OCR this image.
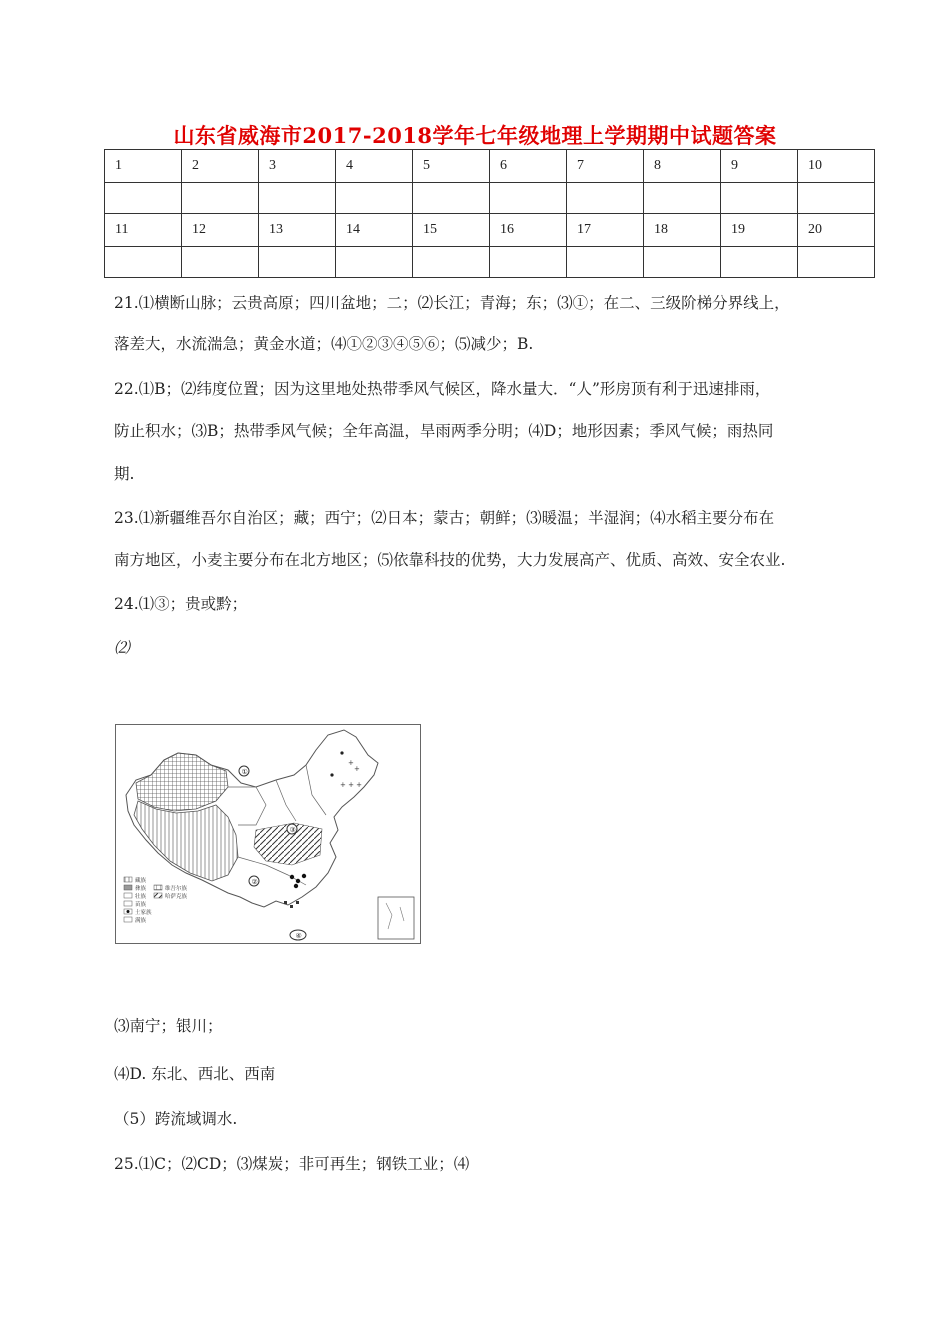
山东省威海市2017-2018学年七年级地理上学期期中试题答案
1	2	3	4	5	6	7	8	9	10

11	12	13	14	15	16	17	18	19	20

21.⑴横断山脉；云贵高原；四川盆地；二；⑵长江；青海；东；⑶①；在二、三级阶梯分界线上，
落差大，水流湍急；黄金水道；⑷①②③④⑤⑥；⑸减少；B.
22.⑴B；⑵纬度位置；因为这里地处热带季风气候区，降水量大．“人”形房顶有利于迅速排雨，
防止积水；⑶B；热带季风气候；全年高温，旱雨两季分明；⑷D；地形因素；季风气候；雨热同
期.
23.⑴新疆维吾尔自治区；藏；西宁；⑵日本；蒙古；朝鲜；⑶暖温；半湿润；⑷水稻主要分布在
南方地区，小麦主要分布在北方地区；⑸依靠科技的优势，大力发展高产、优质、高效、安全农业.
24.⑴③；贵或黔；
⑵
+
+
+ + +
①
③
②
④
藏族
彝族	维吾尔族
壮族	哈萨克族
苗族
土家族
满族
⑶南宁；银川；
⑷D. 东北、西北、西南
（5）跨流域调水.
25.⑴C；⑵CD；⑶煤炭；非可再生；钢铁工业；⑷
